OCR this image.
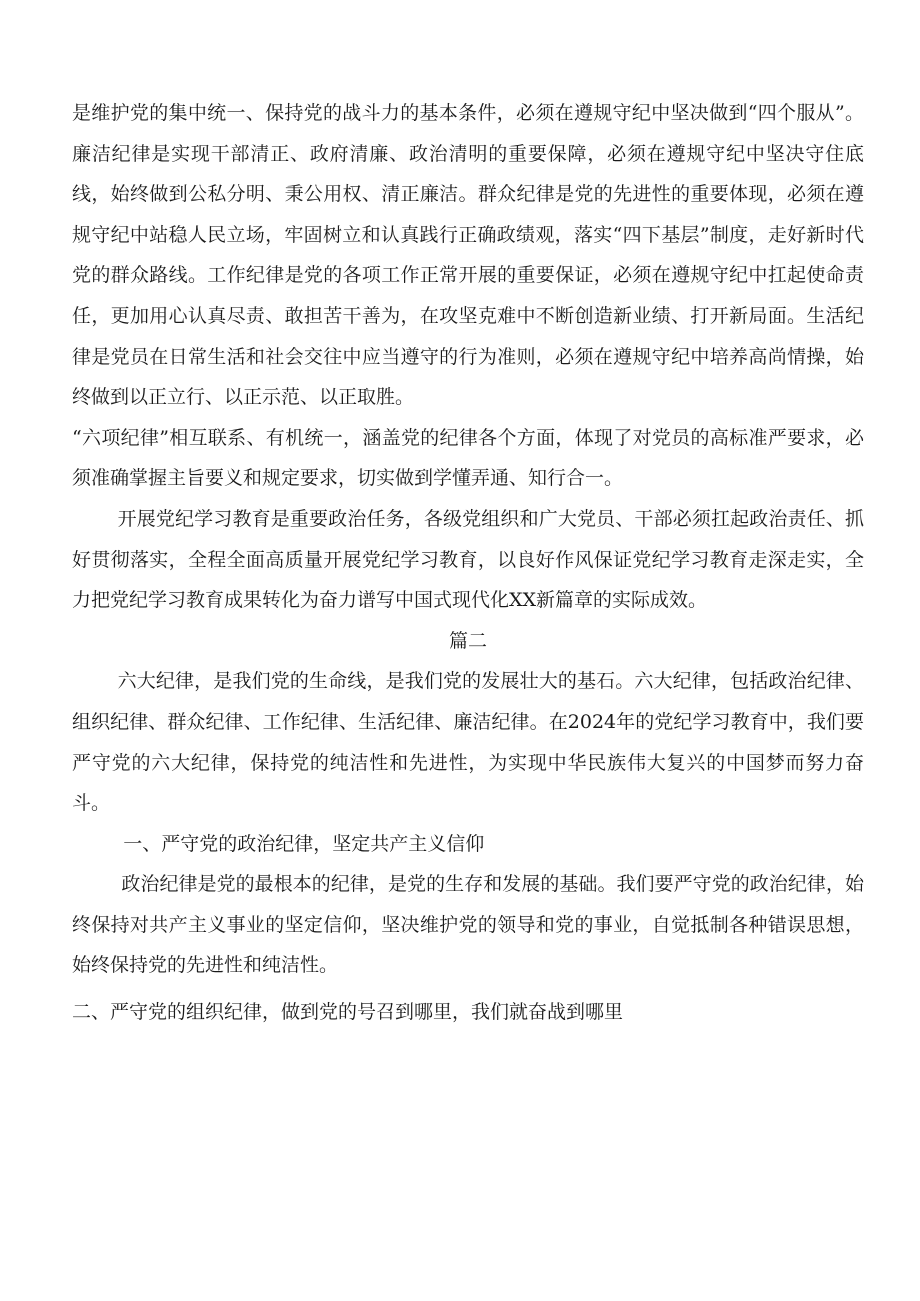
是维护党的集中统一、保持党的战斗力的基本条件，必须在遵规守纪中坚决做到“四个服从”。廉洁纪律是实现干部清正、政府清廉、政治清明的重要保障，必须在遵规守纪中坚决守住底线，始终做到公私分明、秉公用权、清正廉洁。群众纪律是党的先进性的重要体现，必须在遵规守纪中站稳人民立场，牢固树立和认真践行正确政绩观，落实“四下基层”制度，走好新时代党的群众路线。工作纪律是党的各项工作正常开展的重要保证，必须在遵规守纪中扛起使命责任，更加用心认真尽责、敢担苦干善为，在攻坚克难中不断创造新业绩、打开新局面。生活纪律是党员在日常生活和社会交往中应当遵守的行为准则，必须在遵规守纪中培养高尚情操，始终做到以正立行、以正示范、以正取胜。

“六项纪律”相互联系、有机统一，涵盖党的纪律各个方面，体现了对党员的高标准严要求，必须准确掌握主旨要义和规定要求，切实做到学懂弄通、知行合一。

开展党纪学习教育是重要政治任务，各级党组织和广大党员、干部必须扛起政治责任、抓好贯彻落实，全程全面高质量开展党纪学习教育，以良好作风保证党纪学习教育走深走实，全力把党纪学习教育成果转化为奋力谱写中国式现代化XX新篇章的实际成效。

篇二

六大纪律，是我们党的生命线，是我们党的发展壮大的基石。六大纪律，包括政治纪律、组织纪律、群众纪律、工作纪律、生活纪律、廉洁纪律。在2024年的党纪学习教育中，我们要严守党的六大纪律，保持党的纯洁性和先进性，为实现中华民族伟大复兴的中国梦而努力奋斗。

一、严守党的政治纪律，坚定共产主义信仰

政治纪律是党的最根本的纪律，是党的生存和发展的基础。我们要严守党的政治纪律，始终保持对共产主义事业的坚定信仰，坚决维护党的领导和党的事业，自觉抵制各种错误思想，始终保持党的先进性和纯洁性。

二、严守党的组织纪律，做到党的号召到哪里，我们就奋战到哪里
